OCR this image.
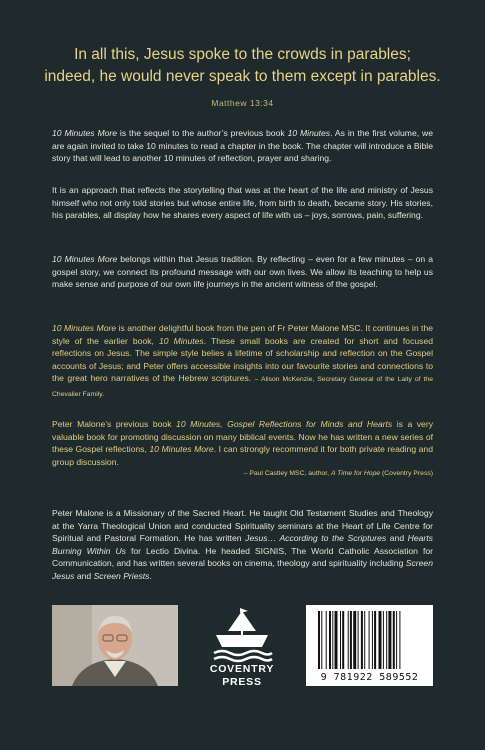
In all this, Jesus spoke to the crowds in parables;
indeed, he would never speak to them except in parables.
Matthew 13:34
10 Minutes More is the sequel to the author’s previous book 10 Minutes. As in the first volume, we are again invited to take 10 minutes to read a chapter in the book. The chapter will introduce a Bible story that will lead to another 10 minutes of reflection, prayer and sharing.
It is an approach that reflects the storytelling that was at the heart of the life and ministry of Jesus himself who not only told stories but whose entire life, from birth to death, became story. His stories, his parables, all display how he shares every aspect of life with us – joys, sorrows, pain, suffering.
10 Minutes More belongs within that Jesus tradition. By reflecting – even for a few minutes – on a gospel story, we connect its profound message with our own lives. We allow its teaching to help us make sense and purpose of our own life journeys in the ancient witness of the gospel.
10 Minutes More is another delightful book from the pen of Fr Peter Malone MSC. It continues in the style of the earlier book, 10 Minutes. These small books are created for short and focused reflections on Jesus. The simple style belies a lifetime of scholarship and reflection on the Gospel accounts of Jesus; and Peter offers accessible insights into our favourite stories and connections to the great hero narratives of the Hebrew scriptures. – Alison McKenzie, Secretary General of the Laity of the Chevalier Family.
Peter Malone’s previous book 10 Minutes, Gospel Reflections for Minds and Hearts is a very valuable book for promoting discussion on many biblical events. Now he has written a new series of these Gospel reflections, 10 Minutes More. I can strongly recommend it for both private reading and group discussion.

– Paul Castley MSC, author, A Time for Hope (Coventry Press)
Peter Malone is a Missionary of the Sacred Heart. He taught Old Testament Studies and Theology at the Yarra Theological Union and conducted Spirituality seminars at the Heart of Life Centre for Spiritual and Pastoral Formation. He has written Jesus… According to the Scriptures and Hearts Burning Within Us for Lectio Divina. He headed SIGNIS, The World Catholic Association for Communication, and has written several books on cinema, theology and spirituality including Screen Jesus and Screen Priests.
COVENTRY
PRESS	9 781922 589552
